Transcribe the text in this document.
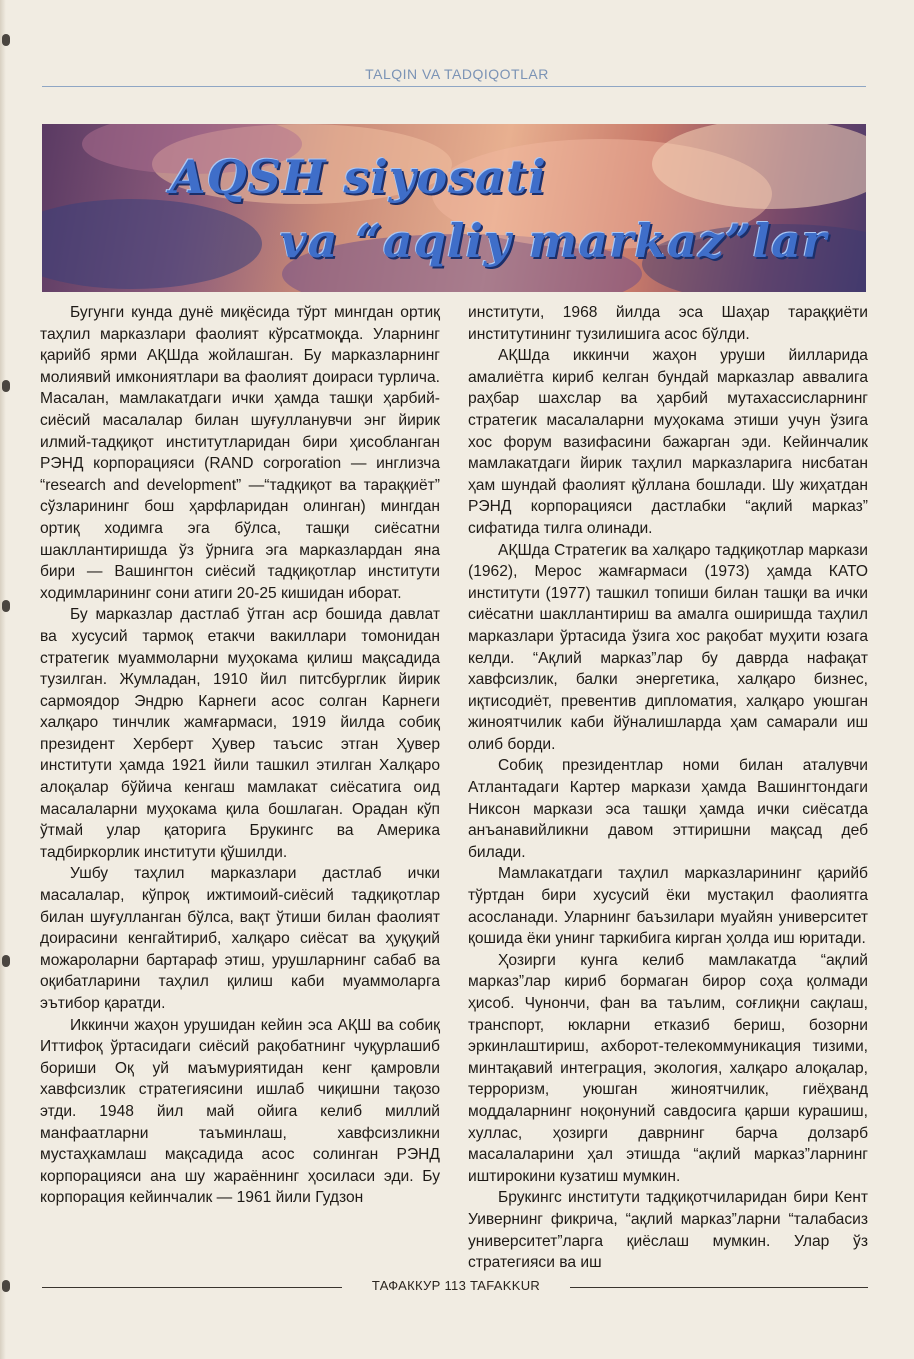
TALQIN VA TADQIQOTLAR
AQSH siyosati
va “aqliy markaz”lar

Бугунги кунда дунё миқёсида тўрт мингдан ортиқ таҳлил марказлари фаолият кўрсатмоқда. Уларнинг қарийб ярми АҚШда жойлашган. Бу марказларнинг молиявий имкониятлари ва фаолият доираси турлича. Масалан, мамлакатдаги ички ҳамда ташқи ҳарбий-сиёсий масалалар билан шуғулланувчи энг йирик илмий-тадқиқот институтларидан бири ҳисобланган РЭНД корпорацияси (RAND corporation — инглизча “research and development” —“тадқиқот ва тараққиёт” сўзларининг бош ҳарфларидан олинган) мингдан ортиқ ходимга эга бўлса, ташқи сиёсатни шакллантиришда ўз ўрнига эга марказлардан яна бири — Вашингтон сиёсий тадқиқотлар институти ходимларининг сони атиги 20-25 кишидан иборат.

Бу марказлар дастлаб ўтган аср бошида давлат ва хусусий тармоқ етакчи вакиллари томонидан стратегик муаммоларни муҳокама қилиш мақсадида тузилган. Жумладан, 1910 йил питсбурглик йирик сармоядор Эндрю Карнеги асос солган Карнеги халқаро тинчлик жамғармаси, 1919 йилда собиқ президент Херберт Ҳувер таъсис этган Ҳувер институти ҳамда 1921 йили ташкил этилган Халқаро алоқалар бўйича кенгаш мамлакат сиёсатига оид масалаларни муҳокама қила бошлаган. Орадан кўп ўтмай улар қаторига Брукингс ва Америка тадбиркорлик институти қўшилди.

Ушбу таҳлил марказлари дастлаб ички масалалар, кўпроқ ижтимоий-сиёсий тадқиқотлар билан шуғулланган бўлса, вақт ўтиши билан фаолият доирасини кенгайтириб, халқаро сиёсат ва ҳуқуқий можароларни бартараф этиш, урушларнинг сабаб ва оқибатларини таҳлил қилиш каби муаммоларга эътибор қаратди.

Иккинчи жаҳон урушидан кейин эса АҚШ ва собиқ Иттифоқ ўртасидаги сиёсий рақобатнинг чуқурлашиб бориши Оқ уй маъмуриятидан кенг қамровли хавфсизлик стратегиясини ишлаб чиқишни тақозо этди. 1948 йил май ойига келиб миллий манфаатларни таъминлаш, хавфсизликни мустаҳкамлаш мақсадида асос солинган РЭНД корпорацияси ана шу жараённинг ҳосиласи эди. Бу корпорация кейинчалик — 1961 йили Гудзон

институти, 1968 йилда эса Шаҳар тараққиёти институтининг тузилишига асос бўлди.

АҚШда иккинчи жаҳон уруши йилларида амалиётга кириб келган бундай марказлар аввалига раҳбар шахслар ва ҳарбий мутахассисларнинг стратегик масалаларни муҳокама этиши учун ўзига хос форум вазифасини бажарган эди. Кейинчалик мамлакатдаги йирик таҳлил марказларига нисбатан ҳам шундай фаолият қўллана бошлади. Шу жиҳатдан РЭНД корпорацияси дастлабки “ақлий марказ” сифатида тилга олинади.

АҚШда Стратегик ва халқаро тадқиқотлар маркази (1962), Мерос жамғармаси (1973) ҳамда КАТО институти (1977) ташкил топиши билан ташқи ва ички сиёсатни шакллантириш ва амалга оширишда таҳлил марказлари ўртасида ўзига хос рақобат муҳити юзага келди. “Ақлий марказ”лар бу даврда нафақат хавфсизлик, балки энергетика, халқаро бизнес, иқтисодиёт, превентив дипломатия, халқаро уюшган жиноятчилик каби йўналишларда ҳам самарали иш олиб борди.

Собиқ президентлар номи билан аталувчи Атлантадаги Картер маркази ҳамда Вашингтондаги Никсон маркази эса ташқи ҳамда ички сиёсатда анъанавийликни давом эттиришни мақсад деб билади.

Мамлакатдаги таҳлил марказларининг қарийб тўртдан бири хусусий ёки мустақил фаолиятга асосланади. Уларнинг баъзилари муайян университет қошида ёки унинг таркибига кирган ҳолда иш юритади.

Ҳозирги кунга келиб мамлакатда “ақлий марказ”лар кириб бормаган бирор соҳа қолмади ҳисоб. Чунончи, фан ва таълим, соғлиқни сақлаш, транспорт, юкларни етказиб бериш, бозорни эркинлаштириш, ахборот-телекоммуникация тизими, минтақавий интеграция, экология, халқаро алоқалар, терроризм, уюшган жиноятчилик, гиёҳванд моддаларнинг ноқонуний савдосига қарши курашиш, хуллас, ҳозирги даврнинг барча долзарб масалаларини ҳал этишда “ақлий марказ”ларнинг иштирокини кузатиш мумкин.

Брукингс институти тадқиқотчиларидан бири Кент Уивернинг фикрича, “ақлий марказ”ларни “талабасиз университет”ларга қиёслаш мумкин. Улар ўз стратегияси ва иш

ТАФАККУР 113 TAFAKKUR
